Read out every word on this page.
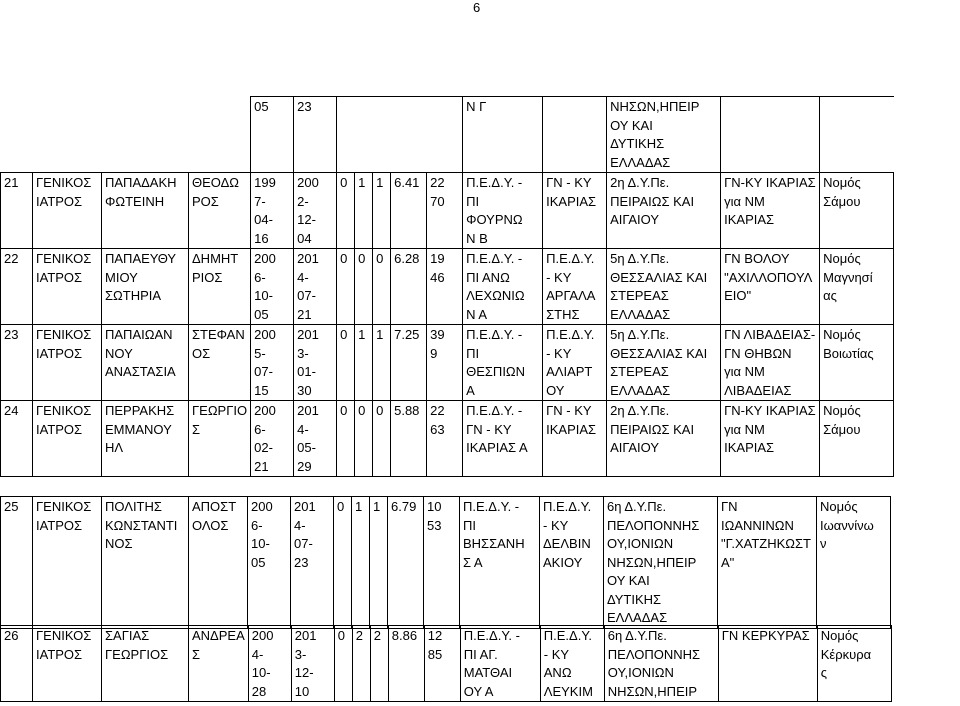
6
				05	23						Ν Γ		ΝΗΣΩΝ,ΗΠΕΙΡ
ΟΥ ΚΑΙ
ΔΥΤΙΚΗΣ
ΕΛΛΑΔΑΣ		
21	ΓΕΝΙΚΟΣ
ΙΑΤΡΟΣ	ΠΑΠΑΔΑΚΗ
ΦΩΤΕΙΝΗ	ΘΕΟΔΩ
ΡΟΣ	199
7-
04-
16	200
2-
12-
04	0	1	1	6.41	22
70	Π.Ε.Δ.Υ. -
ΠΙ
ΦΟΥΡΝΩ
Ν Β	ΓΝ - ΚΥ
ΙΚΑΡΙΑΣ	2η Δ.Υ.Πε.
ΠΕΙΡΑΙΩΣ ΚΑΙ
ΑΙΓΑΙΟΥ	ΓΝ-ΚΥ ΙΚΑΡΙΑΣ
για ΝΜ
ΙΚΑΡΙΑΣ	Νομός
Σάμου
22	ΓΕΝΙΚΟΣ
ΙΑΤΡΟΣ	ΠΑΠΑΕΥΘΥ
ΜΙΟΥ
ΣΩΤΗΡΙΑ	ΔΗΜΗΤ
ΡΙΟΣ	200
6-
10-
05	201
4-
07-
21	0	0	0	6.28	19
46	Π.Ε.Δ.Υ. -
ΠΙ ΑΝΩ
ΛΕΧΩΝΙΩ
Ν Α	Π.Ε.Δ.Υ.
- ΚΥ
ΑΡΓΑΛΑ
ΣΤΗΣ	5η Δ.Υ.Πε.
ΘΕΣΣΑΛΙΑΣ ΚΑΙ
ΣΤΕΡΕΑΣ
ΕΛΛΑΔΑΣ	ΓΝ ΒΟΛΟΥ
"ΑΧΙΛΛΟΠΟΥΛ
ΕΙΟ"	Νομός
Μαγνησί
ας
23	ΓΕΝΙΚΟΣ
ΙΑΤΡΟΣ	ΠΑΠΑΙΩΑΝ
ΝΟΥ
ΑΝΑΣΤΑΣΙΑ	ΣΤΕΦΑΝ
ΟΣ	200
5-
07-
15	201
3-
01-
30	0	1	1	7.25	39
9	Π.Ε.Δ.Υ. -
ΠΙ
ΘΕΣΠΙΩΝ
Α	Π.Ε.Δ.Υ.
- ΚΥ
ΑΛΙΑΡΤ
ΟΥ	5η Δ.Υ.Πε.
ΘΕΣΣΑΛΙΑΣ ΚΑΙ
ΣΤΕΡΕΑΣ
ΕΛΛΑΔΑΣ	ΓΝ ΛΙΒΑΔΕΙΑΣ-
ΓΝ ΘΗΒΩΝ
για ΝΜ
ΛΙΒΑΔΕΙΑΣ	Νομός
Βοιωτίας
24	ΓΕΝΙΚΟΣ
ΙΑΤΡΟΣ	ΠΕΡΡΑΚΗΣ
ΕΜΜΑΝΟΥ
ΗΛ	ΓΕΩΡΓΙΟ
Σ	200
6-
02-
21	201
4-
05-
29	0	0	0	5.88	22
63	Π.Ε.Δ.Υ. -
ΓΝ - ΚΥ
ΙΚΑΡΙΑΣ Α	ΓΝ - ΚΥ
ΙΚΑΡΙΑΣ	2η Δ.Υ.Πε.
ΠΕΙΡΑΙΩΣ ΚΑΙ
ΑΙΓΑΙΟΥ	ΓΝ-ΚΥ ΙΚΑΡΙΑΣ
για ΝΜ
ΙΚΑΡΙΑΣ	Νομός
Σάμου
25	ΓΕΝΙΚΟΣ
ΙΑΤΡΟΣ	ΠΟΛΙΤΗΣ
ΚΩΝΣΤΑΝΤΙ
ΝΟΣ	ΑΠΟΣΤ
ΟΛΟΣ	200
6-
10-
05	201
4-
07-
23	0	1	1	6.79	10
53	Π.Ε.Δ.Υ. -
ΠΙ
ΒΗΣΣΑΝΗ
Σ Α	Π.Ε.Δ.Υ.
- ΚΥ
ΔΕΛΒΙΝ
ΑΚΙΟΥ	6η Δ.Υ.Πε.
ΠΕΛΟΠΟΝΝΗΣ
ΟΥ,ΙΟΝΙΩΝ
ΝΗΣΩΝ,ΗΠΕΙΡ
ΟΥ ΚΑΙ
ΔΥΤΙΚΗΣ
ΕΛΛΑΔΑΣ	ΓΝ
ΙΩΑΝΝΙΝΩΝ
"Γ.ΧΑΤΖΗΚΩΣΤ
Α"	Νομός
Ιωαννίνω
ν
26	ΓΕΝΙΚΟΣ
ΙΑΤΡΟΣ	ΣΑΓΙΑΣ
ΓΕΩΡΓΙΟΣ	ΑΝΔΡΕΑ
Σ	200
4-
10-
28	201
3-
12-
10	0	2	2	8.86	12
85	Π.Ε.Δ.Υ. -
ΠΙ ΑΓ.
ΜΑΤΘΑΙ
ΟΥ Α	Π.Ε.Δ.Υ.
- ΚΥ
ΑΝΩ
ΛΕΥΚΙΜ	6η Δ.Υ.Πε.
ΠΕΛΟΠΟΝΝΗΣ
ΟΥ,ΙΟΝΙΩΝ
ΝΗΣΩΝ,ΗΠΕΙΡ	ΓΝ ΚΕΡΚΥΡΑΣ	Νομός
Κέρκυρα
ς
